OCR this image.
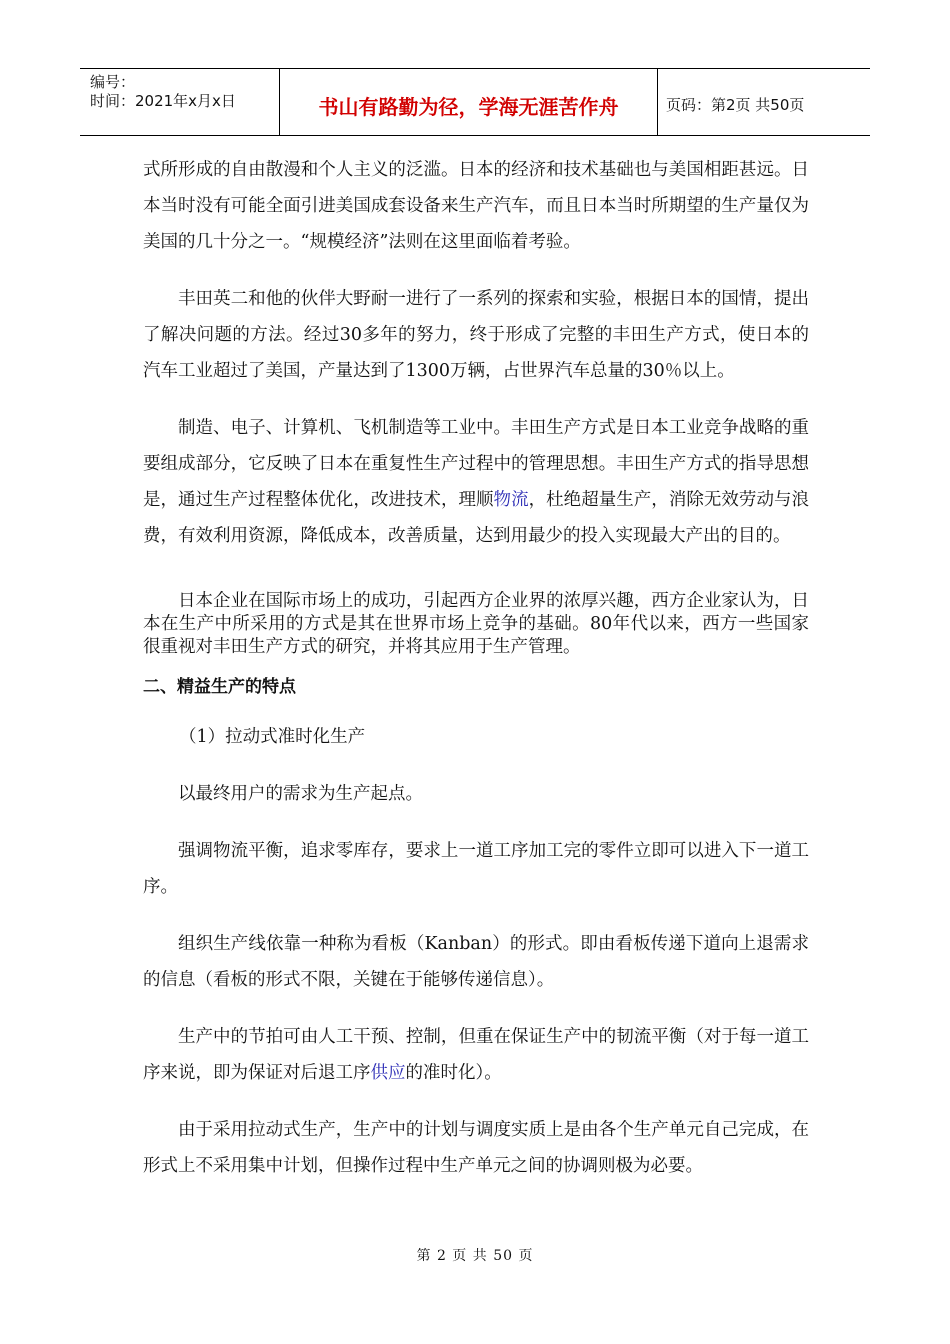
编号：
时间：2021年x月x日	书山有路勤为径，学海无涯苦作舟	页码：第2页 共50页

式所形成的自由散漫和个人主义的泛滥。日本的经济和技术基础也与美国相距甚远。日本当时没有可能全面引进美国成套设备来生产汽车，而且日本当时所期望的生产量仅为美国的几十分之一。“规模经济”法则在这里面临着考验。

丰田英二和他的伙伴大野耐一进行了一系列的探索和实验，根据日本的国情，提出了解决问题的方法。经过30多年的努力，终于形成了完整的丰田生产方式，使日本的汽车工业超过了美国，产量达到了1300万辆，占世界汽车总量的30％以上。

制造、电子、计算机、飞机制造等工业中。丰田生产方式是日本工业竞争战略的重要组成部分，它反映了日本在重复性生产过程中的管理思想。丰田生产方式的指导思想是，通过生产过程整体优化，改进技术，理顺物流，杜绝超量生产，消除无效劳动与浪费，有效利用资源，降低成本，改善质量，达到用最少的投入实现最大产出的目的。

日本企业在国际市场上的成功，引起西方企业界的浓厚兴趣，西方企业家认为，日本在生产中所采用的方式是其在世界市场上竞争的基础。80年代以来，西方一些国家很重视对丰田生产方式的研究，并将其应用于生产管理。

二、精益生产的特点

（1）拉动式准时化生产

以最终用户的需求为生产起点。

强调物流平衡，追求零库存，要求上一道工序加工完的零件立即可以进入下一道工序。

组织生产线依靠一种称为看板（Kanban）的形式。即由看板传递下道向上退需求的信息（看板的形式不限，关键在于能够传递信息）。

生产中的节拍可由人工干预、控制，但重在保证生产中的韧流平衡（对于每一道工序来说，即为保证对后退工序供应的准时化）。

由于采用拉动式生产，生产中的计划与调度实质上是由各个生产单元自己完成，在形式上不采用集中计划，但操作过程中生产单元之间的协调则极为必要。

第 2 页 共 50 页
